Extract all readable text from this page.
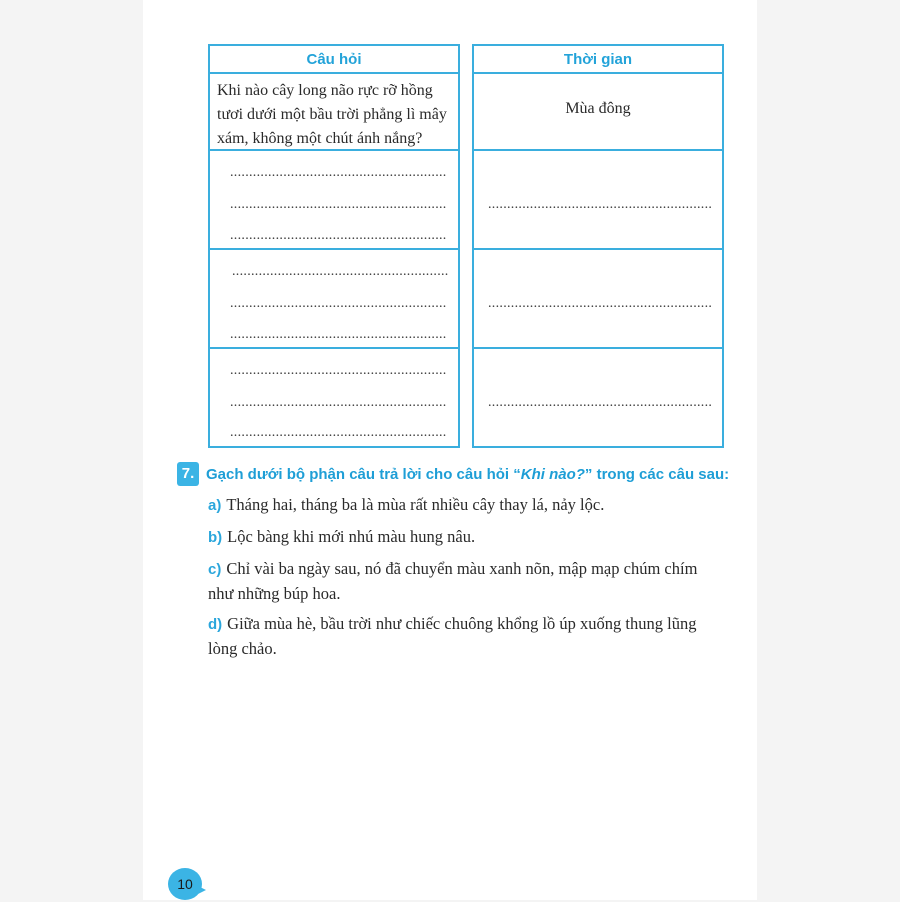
Câu hỏi
Khi nào cây long não rực rỡ hồng
tươi dưới một bầu trời phẳng lì mây
xám, không một chút ánh nắng?
.........................................................
.........................................................
.........................................................
.........................................................
.........................................................
.........................................................
.........................................................
.........................................................
.........................................................
Thời gian
Mùa đông
...........................................................
...........................................................
...........................................................
7. Gạch dưới bộ phận câu trả lời cho câu hỏi “Khi nào?” trong các câu sau:
a) Tháng hai, tháng ba là mùa rất nhiều cây thay lá, nảy lộc.
b) Lộc bàng khi mới nhú màu hung nâu.
c) Chỉ vài ba ngày sau, nó đã chuyển màu xanh nõn, mập mạp chúm chím
như những búp hoa.
d) Giữa mùa hè, bầu trời như chiếc chuông khổng lồ úp xuống thung lũng
lòng chảo.
10
